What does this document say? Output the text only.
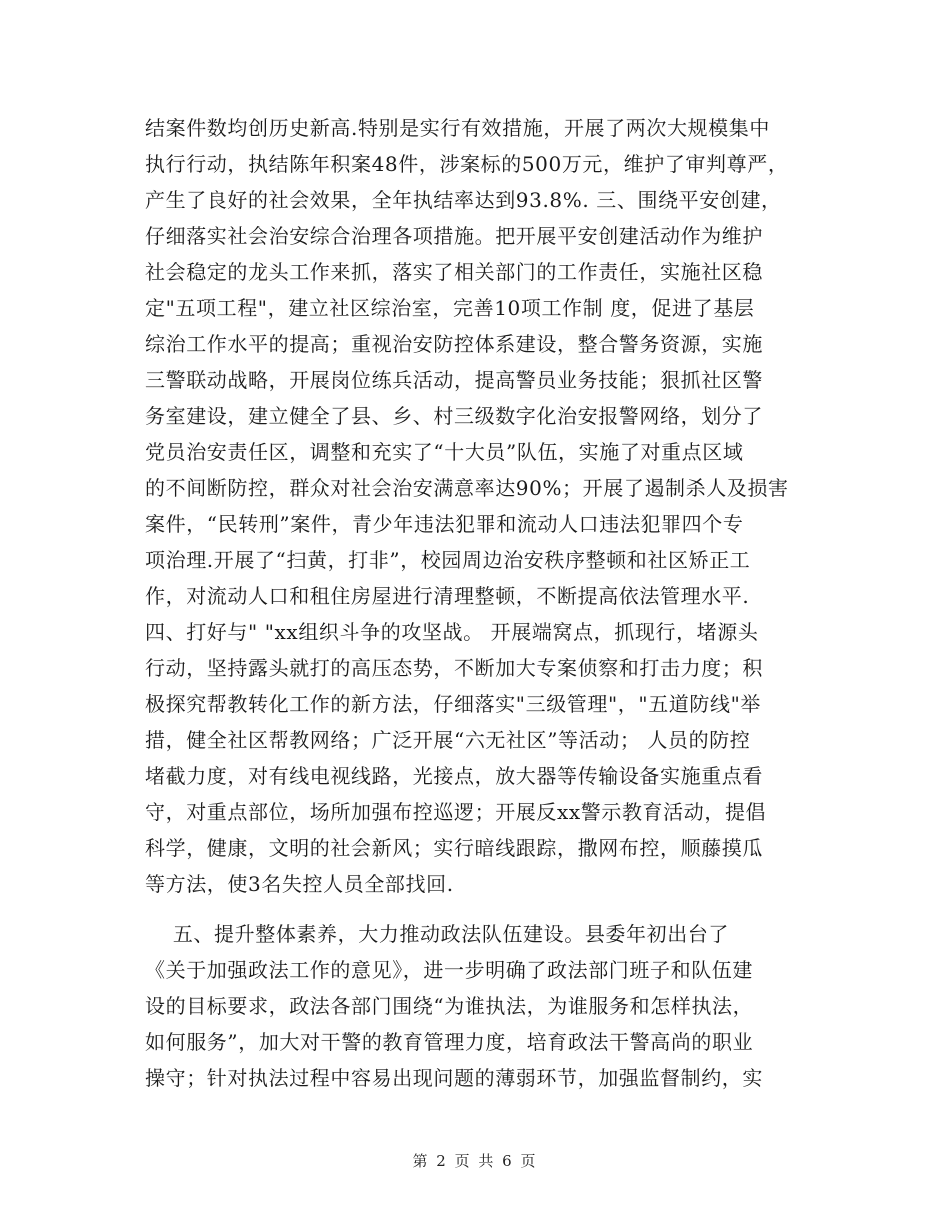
结案件数均创历史新高.特别是实行有效措施，开展了两次大规模集中
执行行动，执结陈年积案48件，涉案标的500万元，维护了审判尊严，
产生了良好的社会效果，全年执结率达到93.8%. 三、围绕平安创建，
仔细落实社会治安综合治理各项措施。把开展平安创建活动作为维护
社会稳定的龙头工作来抓，落实了相关部门的工作责任，实施社区稳
定"五项工程"，建立社区综治室，完善10项工作制 度，促进了基层
综治工作水平的提高；重视治安防控体系建设，整合警务资源，实施
三警联动战略，开展岗位练兵活动，提高警员业务技能；狠抓社区警
务室建设，建立健全了县、乡、村三级数字化治安报警网络，划分了
党员治安责任区，调整和充实了“十大员”队伍，实施了对重点区域
的不间断防控，群众对社会治安满意率达90%；开展了遏制杀人及损害
案件，“民转刑”案件，青少年违法犯罪和流动人口违法犯罪四个专
项治理.开展了“扫黄，打非”，校园周边治安秩序整顿和社区矫正工
作，对流动人口和租住房屋进行清理整顿，不断提高依法管理水平.
四、打好与" "xx组织斗争的攻坚战。 开展端窝点，抓现行，堵源头
行动，坚持露头就打的高压态势，不断加大专案侦察和打击力度；积
极探究帮教转化工作的新方法，仔细落实"三级管理"，"五道防线"举
措，健全社区帮教网络；广泛开展“六无社区”等活动； 人员的防控
堵截力度，对有线电视线路，光接点，放大器等传输设备实施重点看
守，对重点部位，场所加强布控巡逻；开展反xx警示教育活动，提倡
科学，健康，文明的社会新风；实行暗线跟踪，撒网布控，顺藤摸瓜
等方法，使3名失控人员全部找回.
五、提升整体素养，大力推动政法队伍建设。县委年初出台了
《关于加强政法工作的意见》，进一步明确了政法部门班子和队伍建
设的目标要求，政法各部门围绕“为谁执法，为谁服务和怎样执法，
如何服务”，加大对干警的教育管理力度，培育政法干警高尚的职业
操守；针对执法过程中容易出现问题的薄弱环节，加强监督制约，实
第 2 页 共 6 页
